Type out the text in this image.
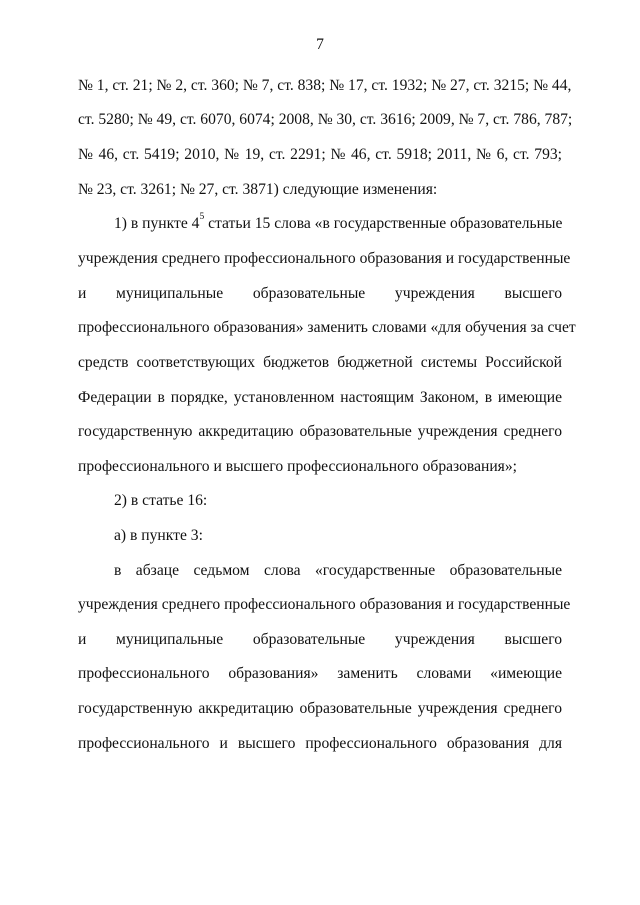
7
№ 1, ст. 21; № 2, ст. 360; № 7, ст. 838; № 17, ст. 1932; № 27, ст. 3215; № 44,
ст. 5280; № 49, ст. 6070, 6074; 2008, № 30, ст. 3616; 2009, № 7, ст. 786, 787;
№ 46, ст. 5419; 2010, № 19, ст. 2291; № 46, ст. 5918; 2011, № 6, ст. 793;
№ 23, ст. 3261; № 27, ст. 3871) следующие изменения:
1) в пункте $4^5$ статьи 15 слова «в государственные образовательные
учреждения среднего профессионального образования и государственные
и муниципальные образовательные учреждения высшего
профессионального образования» заменить словами «для обучения за счет
средств соответствующих бюджетов бюджетной системы Российской
Федерации в порядке, установленном настоящим Законом, в имеющие
государственную аккредитацию образовательные учреждения среднего
профессионального и высшего профессионального образования»;
2) в статье 16:
а) в пункте 3:
в абзаце седьмом слова «государственные образовательные
учреждения среднего профессионального образования и государственные
и муниципальные образовательные учреждения высшего
профессионального образования» заменить словами «имеющие
государственную аккредитацию образовательные учреждения среднего
профессионального и высшего профессионального образования для
